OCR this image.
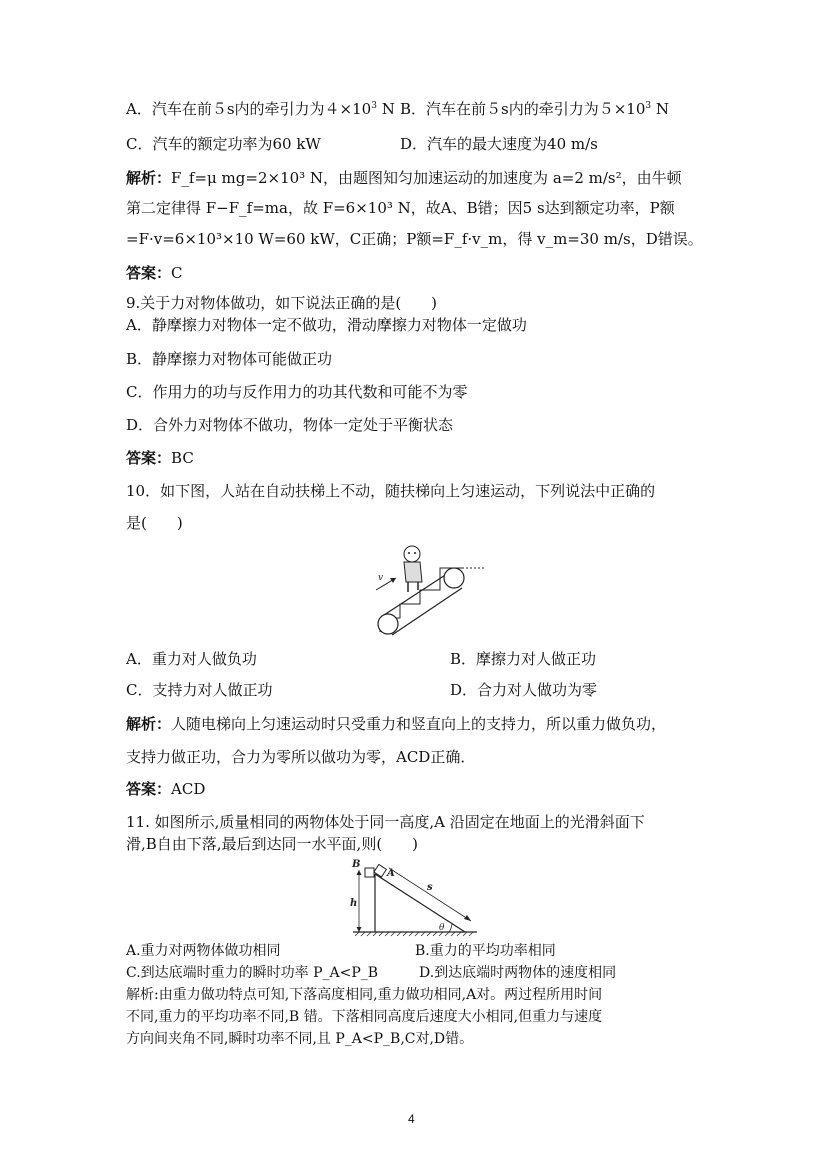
A．汽车在前５s内的牵引力为$4\times 10^3$ N B．汽车在前５s内的牵引力为$5\times 10^3$ N
C．汽车的额定功率为60 kW	D．汽车的最大速度为40 m/s
解析：F_f=μ mg=2×10³ N，由题图知匀加速运动的加速度为 a=2 m/s²，由牛顿
第二定律得 F−F_f=ma，故 F=6×10³ N，故A、B错；因5 s达到额定功率，P额
=F·v=6×10³×10 W=60 kW，C正确；P额=F_f·v_m，得 v_m=30 m/s，D错误。
答案：C
9.关于力对物体做功，如下说法正确的是(　　)
A．静摩擦力对物体一定不做功，滑动摩擦力对物体一定做功
B．静摩擦力对物体可能做正功
C．作用力的功与反作用力的功其代数和可能不为零
D．合外力对物体不做功，物体一定处于平衡状态
答案：BC
10．如下图，人站在自动扶梯上不动，随扶梯向上匀速运动，下列说法中正确的
是(　　)
v
A．重力对人做负功	B．摩擦力对人做正功
C．支持力对人做正功	D．合力对人做功为零
解析：人随电梯向上匀速运动时只受重力和竖直向上的支持力，所以重力做负功，
支持力做正功，合力为零所以做功为零，ACD正确．
答案：ACD
11. 如图所示,质量相同的两物体处于同一高度,A 沿固定在地面上的光滑斜面下
滑,B自由下落,最后到达同一水平面,则(　　)
B
A
h
s
θ
A.重力对两物体做功相同	B.重力的平均功率相同
C.到达底端时重力的瞬时功率 P_A<P_B	D.到达底端时两物体的速度相同
解析:由重力做功特点可知,下落高度相同,重力做功相同,A对。两过程所用时间
不同,重力的平均功率不同,B 错。下落相同高度后速度大小相同,但重力与速度
方向间夹角不同,瞬时功率不同,且 P_A<P_B,C对,D错。
4
